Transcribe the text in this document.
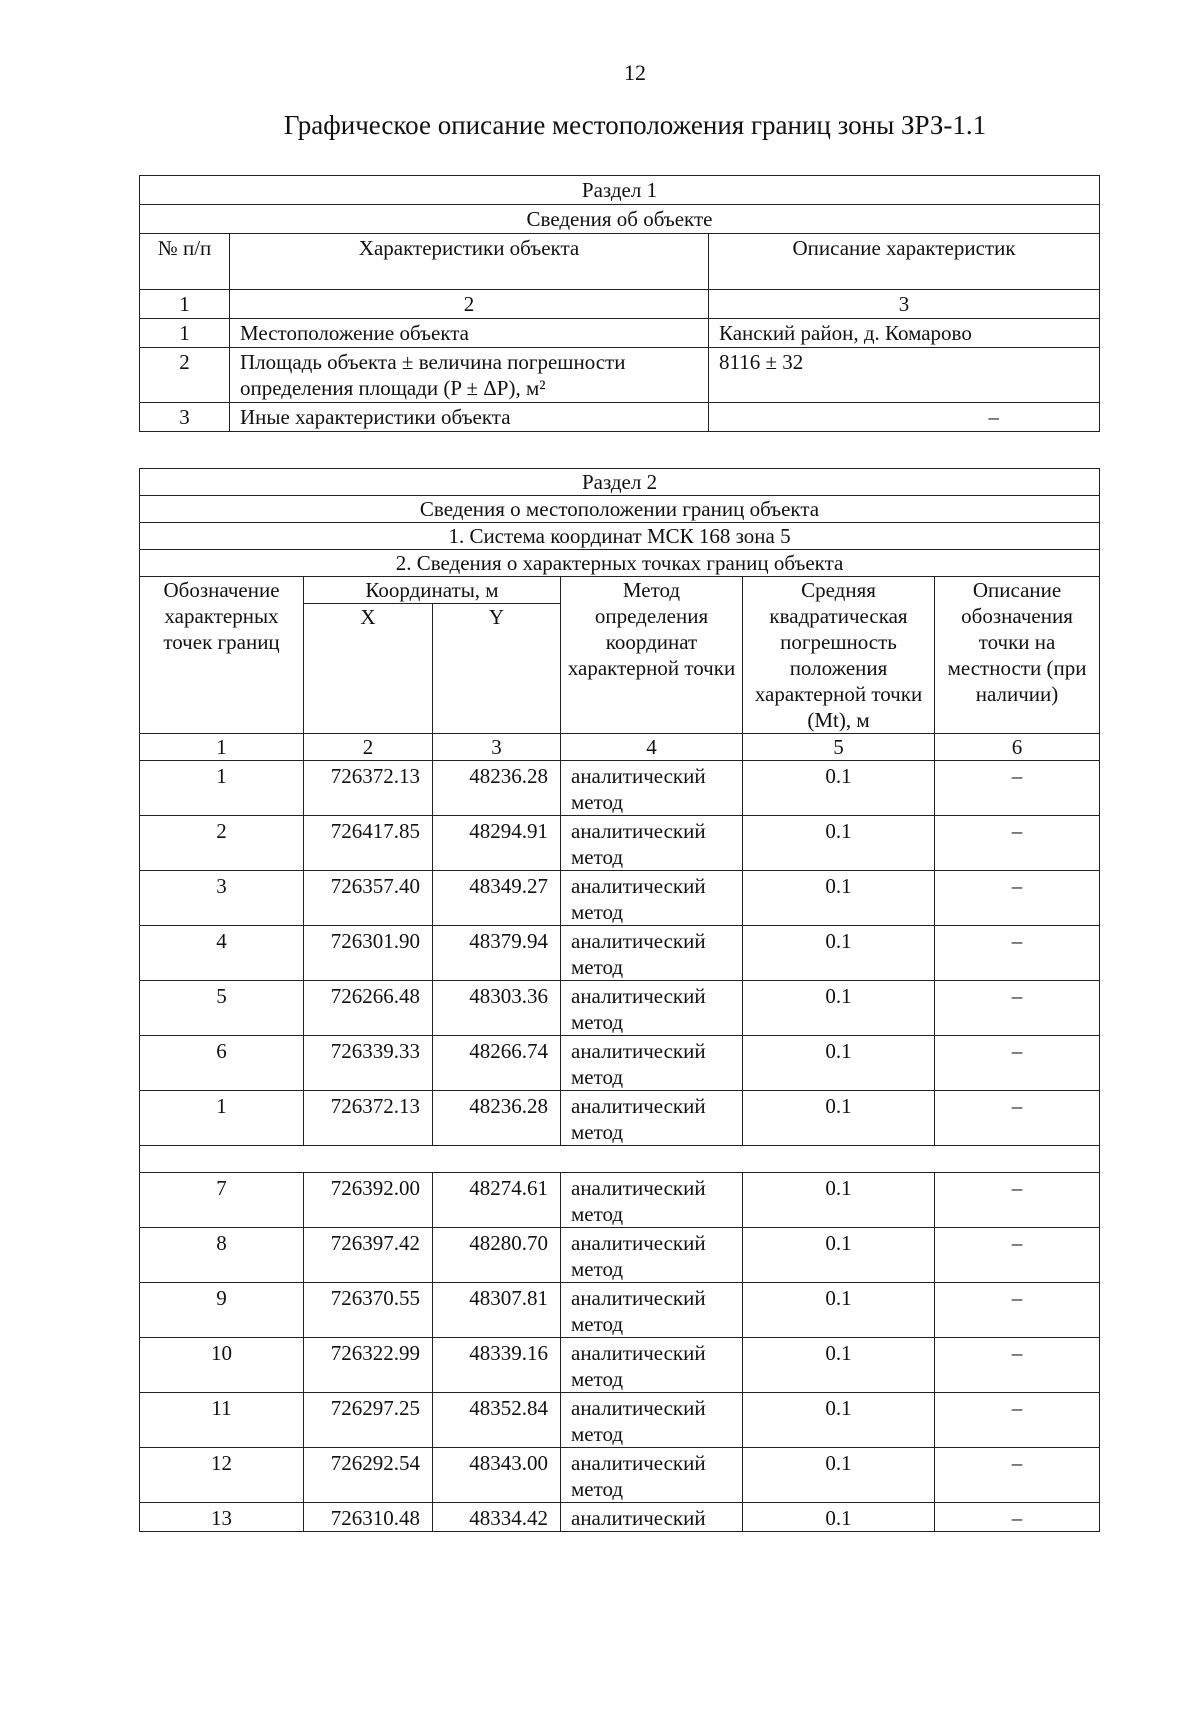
12
Графическое описание местоположения границ зоны ЗРЗ-1.1
Раздел 1		
Сведения об объекте		
№ п/п	Характеристики объекта	Описание характеристик
1	2	3
1	Местоположение объекта	Канский район, д. Комарово
2	Площадь объекта ± величина погрешности определения площади (P ± ΔP), м²	8116 ± 32
3	Иные характеристики объекта	–
Раздел 2					
Сведения о местоположении границ объекта					
1. Система координат МСК 168 зона 5					
2. Сведения о характерных точках границ объекта					
Обозначение характерных точек границ	Координаты, м		Метод определения координат характерной точки	Средняя квадратическая погрешность положения характерной точки (Mt), м	Описание обозначения точки на местности (при наличии)
	X	Y			
1	2	3	4	5	6
1	726372.13	48236.28	аналитический метод	0.1	–
2	726417.85	48294.91	аналитический метод	0.1	–
3	726357.40	48349.27	аналитический метод	0.1	–
4	726301.90	48379.94	аналитический метод	0.1	–
5	726266.48	48303.36	аналитический метод	0.1	–
6	726339.33	48266.74	аналитический метод	0.1	–
1	726372.13	48236.28	аналитический метод	0.1	–

7	726392.00	48274.61	аналитический метод	0.1	–
8	726397.42	48280.70	аналитический метод	0.1	–
9	726370.55	48307.81	аналитический метод	0.1	–
10	726322.99	48339.16	аналитический метод	0.1	–
11	726297.25	48352.84	аналитический метод	0.1	–
12	726292.54	48343.00	аналитический метод	0.1	–
13	726310.48	48334.42	аналитический	0.1	–
